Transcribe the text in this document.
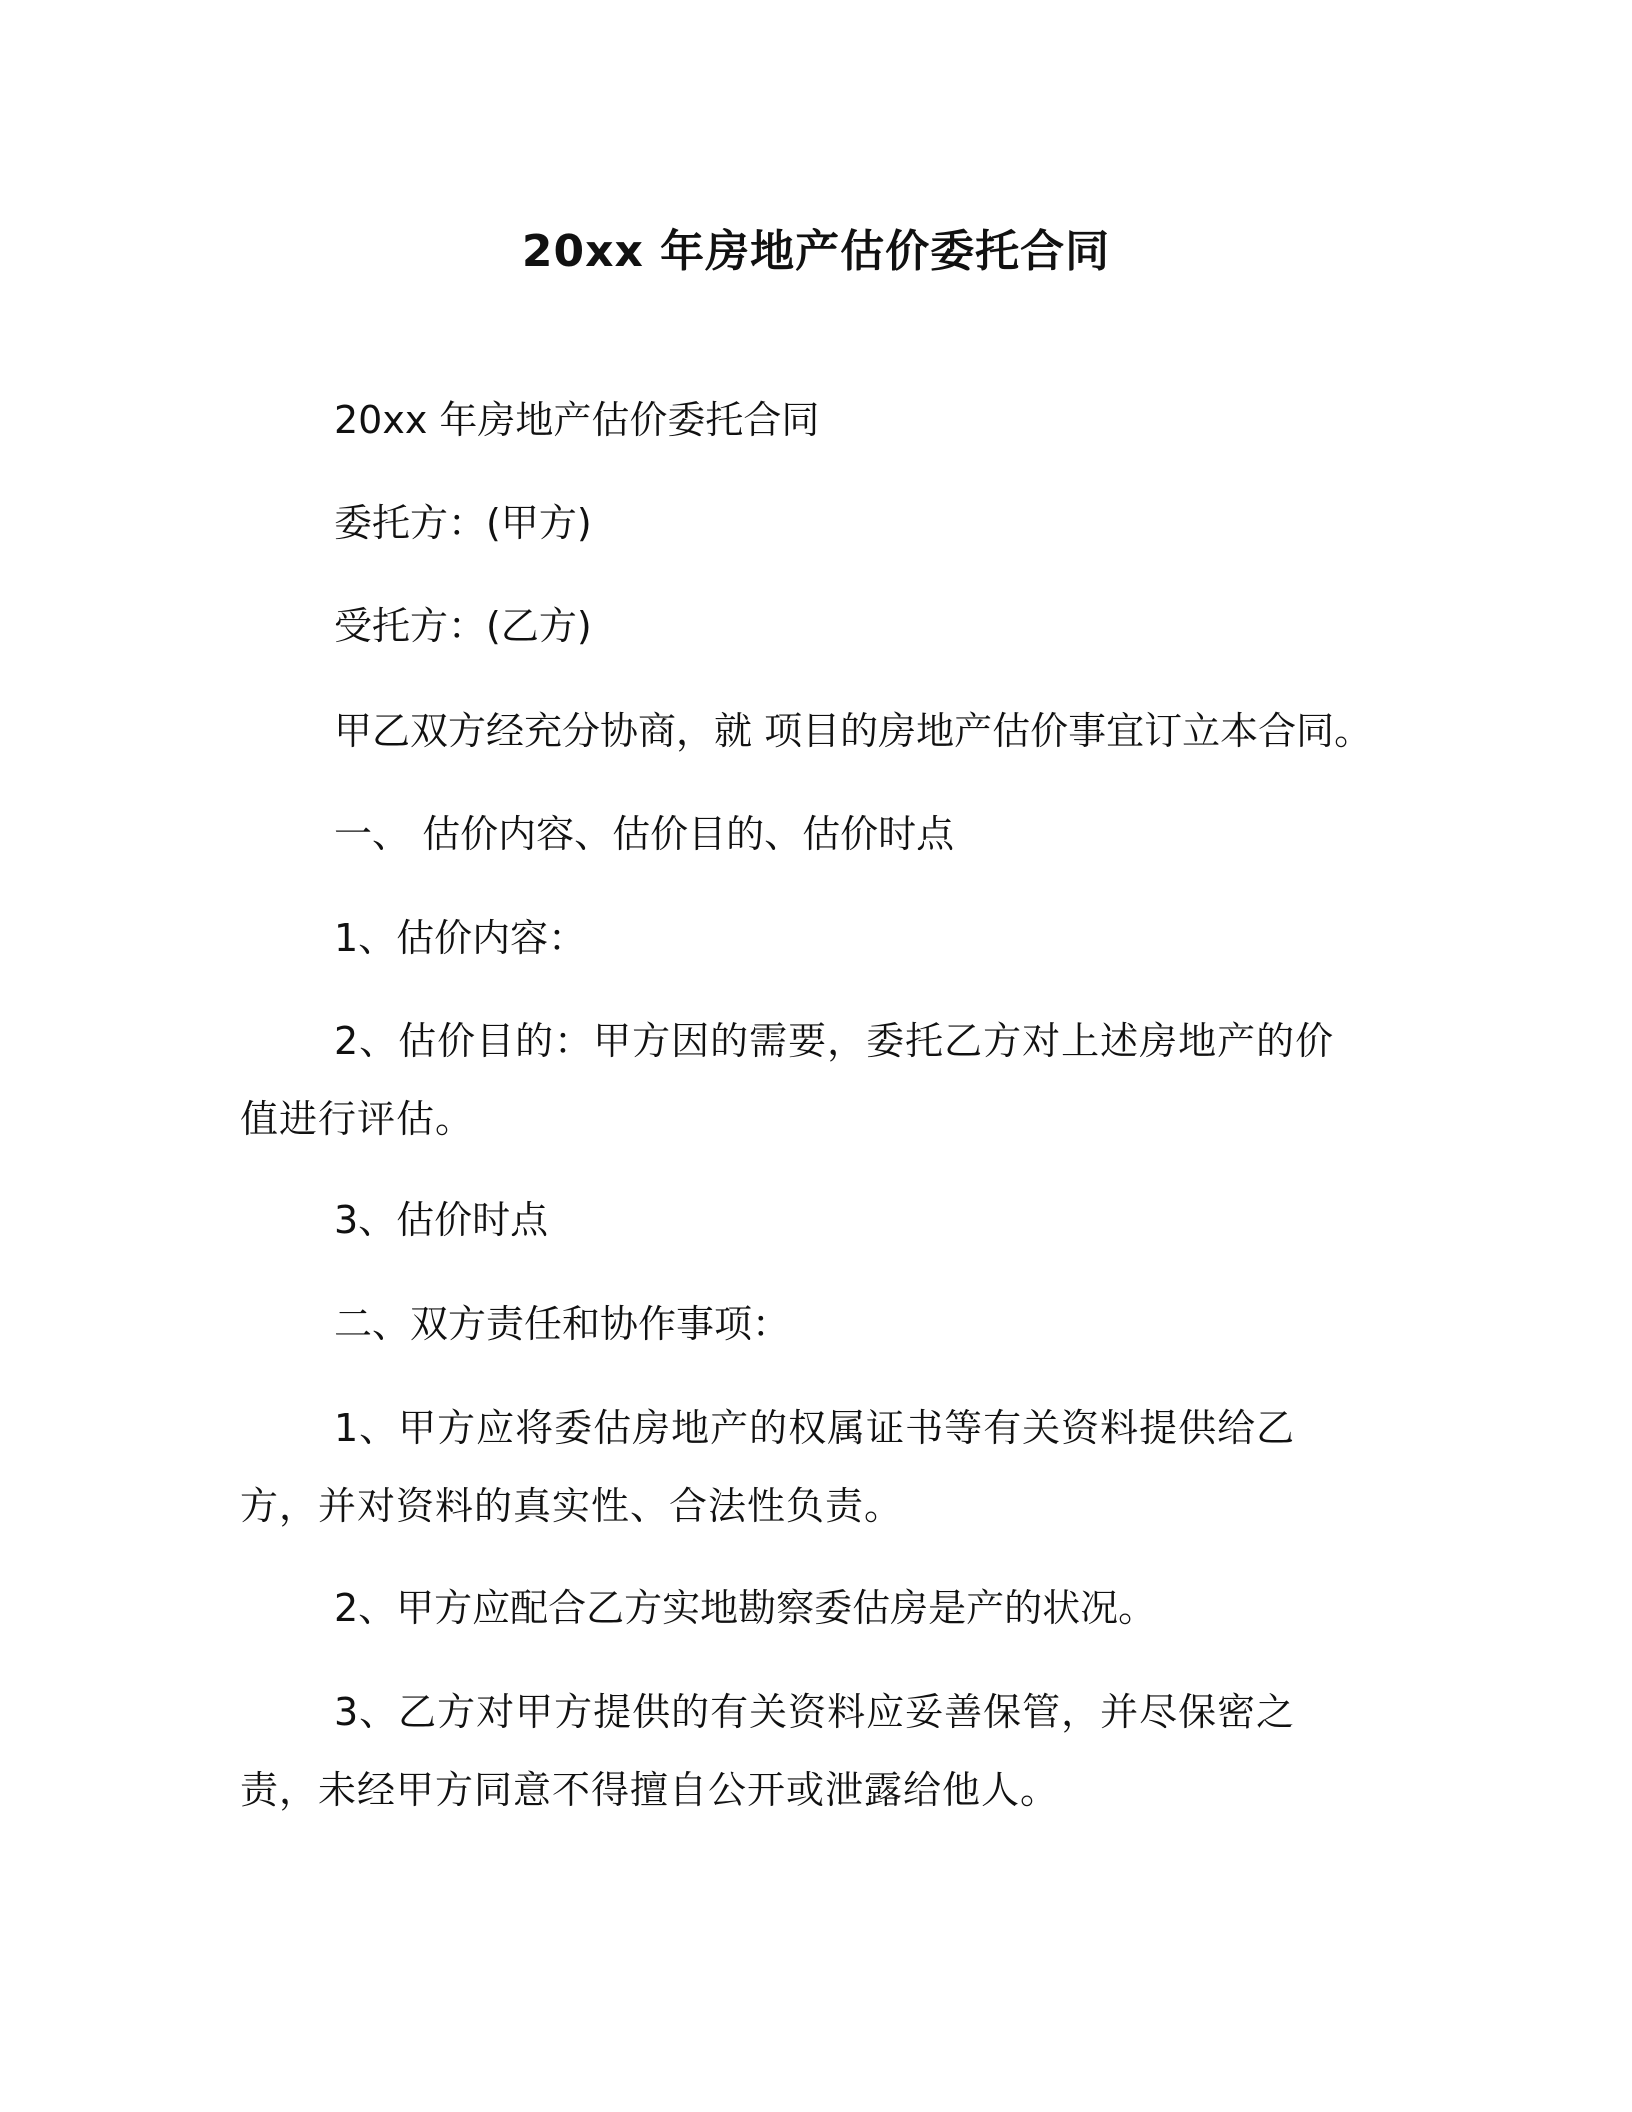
20xx 年房地产估价委托合同

20xx 年房地产估价委托合同

委托方：(甲方)

受托方：(乙方)

甲乙双方经充分协商，就 项目的房地产估价事宜订立本合同。

一、 估价内容、估价目的、估价时点

1、估价内容：

2、估价目的：甲方因的需要，委托乙方对上述房地产的价值进行评估。

3、估价时点

二、双方责任和协作事项：

1、甲方应将委估房地产的权属证书等有关资料提供给乙方，并对资料的真实性、合法性负责。

2、甲方应配合乙方实地勘察委估房是产的状况。

3、乙方对甲方提供的有关资料应妥善保管，并尽保密之责，未经甲方同意不得擅自公开或泄露给他人。
